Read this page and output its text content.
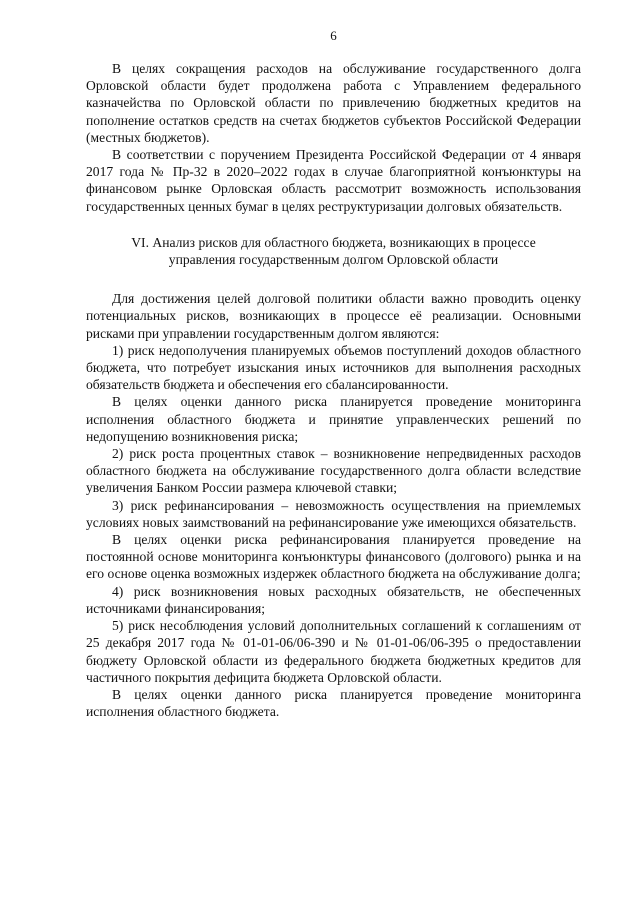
6

В целях сокращения расходов на обслуживание государственного долга Орловской области будет продолжена работа с Управлением федерального казначейства по Орловской области по привлечению бюджетных кредитов на пополнение остатков средств на счетах бюджетов субъектов Российской Федерации (местных бюджетов).

В соответствии с поручением Президента Российской Федерации от 4 января 2017 года № Пр-32 в 2020–2022 годах в случае благоприятной конъюнктуры на финансовом рынке Орловская область рассмотрит возможность использования государственных ценных бумаг в целях реструктуризации долговых обязательств.

VI. Анализ рисков для областного бюджета, возникающих в процессе управления государственным долгом Орловской области

Для достижения целей долговой политики области важно проводить оценку потенциальных рисков, возникающих в процессе её реализации. Основными рисками при управлении государственным долгом являются:

1) риск недополучения планируемых объемов поступлений доходов областного бюджета, что потребует изыскания иных источников для выполнения расходных обязательств бюджета и обеспечения его сбалансированности.

В целях оценки данного риска планируется проведение мониторинга исполнения областного бюджета и принятие управленческих решений по недопущению возникновения риска;

2) риск роста процентных ставок – возникновение непредвиденных расходов областного бюджета на обслуживание государственного долга области вследствие увеличения Банком России размера ключевой ставки;

3) риск рефинансирования – невозможность осуществления на приемлемых условиях новых заимствований на рефинансирование уже имеющихся обязательств.

В целях оценки риска рефинансирования планируется проведение на постоянной основе мониторинга конъюнктуры финансового (долгового) рынка и на его основе оценка возможных издержек областного бюджета на обслуживание долга;

4) риск возникновения новых расходных обязательств, не обеспеченных источниками финансирования;

5) риск несоблюдения условий дополнительных соглашений к соглашениям от 25 декабря 2017 года № 01-01-06/06-390 и № 01-01-06/06-395 о предоставлении бюджету Орловской области из федерального бюджета бюджетных кредитов для частичного покрытия дефицита бюджета Орловской области.

В целях оценки данного риска планируется проведение мониторинга исполнения областного бюджета.
